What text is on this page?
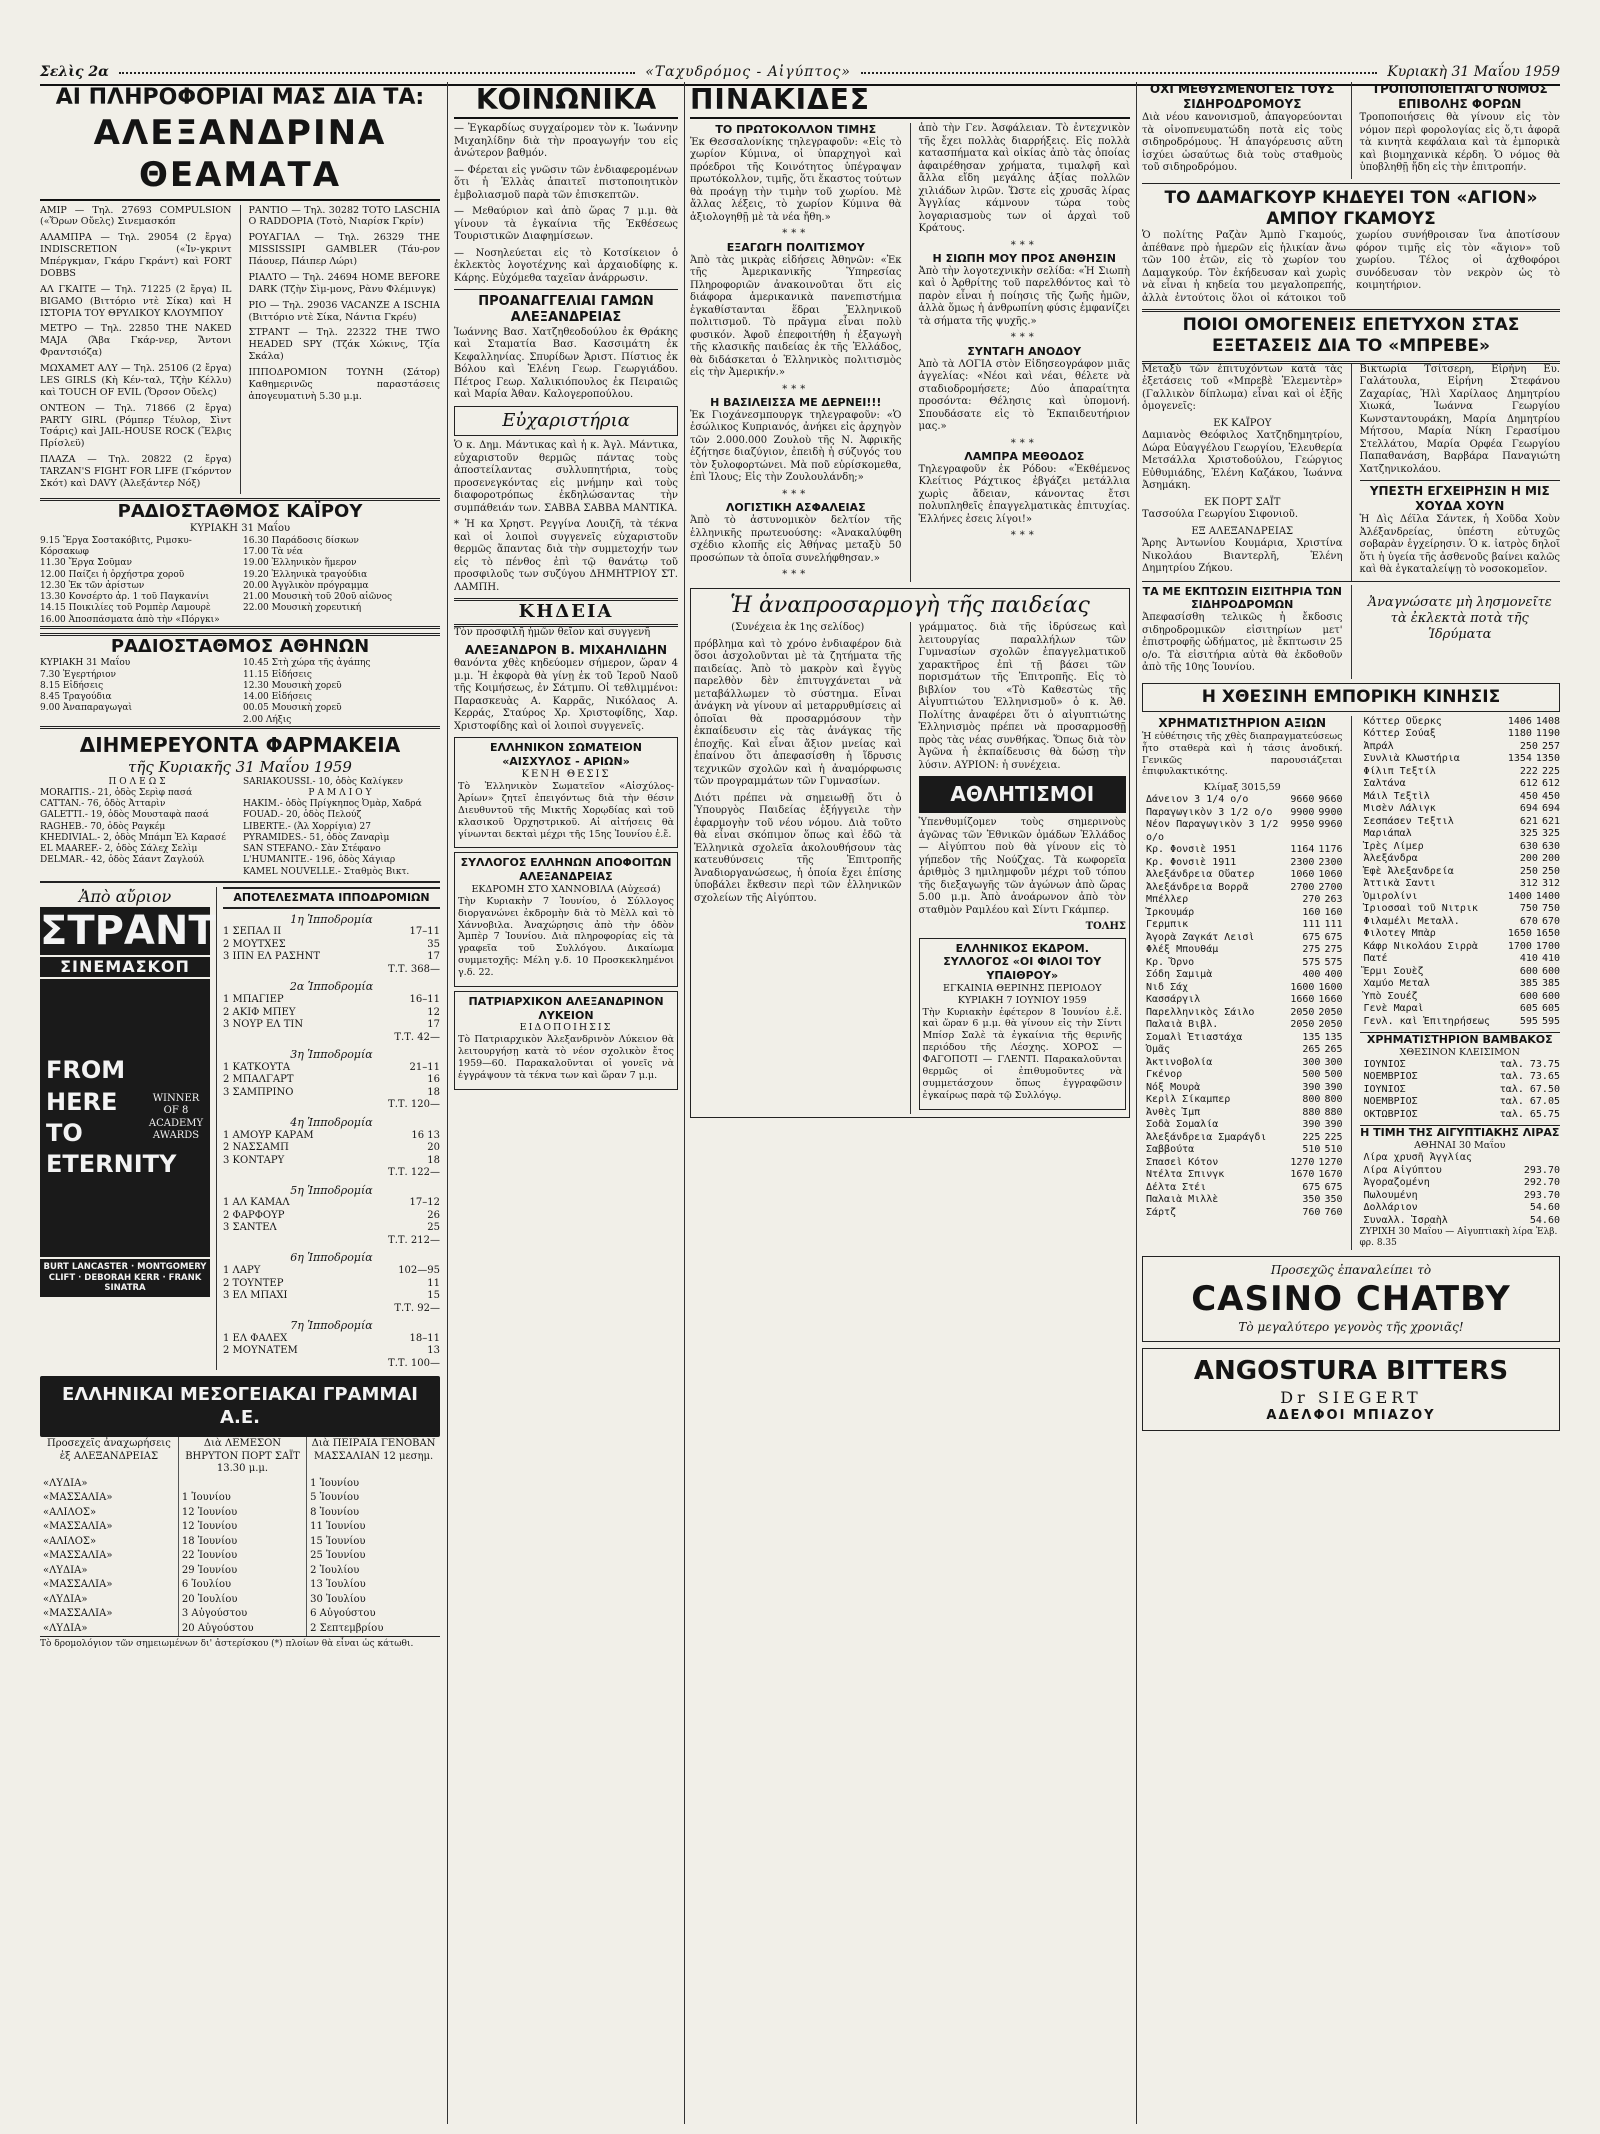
Σελὶς 2α	«Ταχυδρόμος - Αἰγύπτος»	Κυριακὴ 31 Μαΐου 1959
ΑΙ ΠΛΗΡΟΦΟΡΙΑΙ ΜΑΣ ΔΙΑ ΤΑ:
ΑΛΕΞΑΝΔΡΙΝΑ ΘΕΑΜΑΤΑ

ΑΜΙΡ — Τηλ. 27693 COMPULSION («Ὅρων Οὔελς) Σινεμασκόπ

ΑΛΑΜΠΡΑ — Τηλ. 29054 (2 ἔργα) INDISCRETION («Ἰν-γκριντ Μπέργκμαν, Γκάρυ Γκράντ) καὶ FORT DOBBS

ΑΛ ΓΚΑΙΤΕ — Τηλ. 71225 (2 ἔργα) IL BIGAMO (Βιττόριο ντὲ Σίκα) καὶ Η ΙΣΤΟΡΙΑ ΤΟΥ ΘΡΥΛΙΚΟΥ ΚΛΟΥΜΠΟΥ

ΜΕΤΡΟ — Τηλ. 22850 THE NAKED MAJA (Ἄβα Γκάρ-νερ, Ἄντονι Φραντσιόζα)

ΜΩΧΑΜΕΤ ΑΛΥ — Τηλ. 25106 (2 ἔργα) LES GIRLS (Κὴ Κέν-ταλ, Τζὴν Κέλλυ) καὶ TOUCH OF EVIL (Ὄρσον Οὔελς)

ΟΝΤΕΟΝ — Τηλ. 71866 (2 ἔργα) PARTY GIRL (Ρόμπερ Τέυλορ, Σὶντ Τσάρις) καὶ JAIL-HOUSE ROCK (Ἔλβις Πρίσλεϋ)

ΠΛΑΖΑ — Τηλ. 20822 (2 ἔργα) TARZAN'S FIGHT FOR LIFE (Γκόρντον Σκότ) καὶ DAVY (Ἀλεξάντερ Νόξ)

ΡΑΝΤΙΟ — Τηλ. 30282 TOTO LASCHIA O RADDOPIA (Τοτὸ, Νιαρίσκ Γκρίν)

ΡΟΥΑΓΙΑΛ — Τηλ. 26329 THE MISSISSIPI GAMBLER (Τάυ-ρον Πάουερ, Πάιπερ Λώρι)

ΡΙΑΛΤΟ — Τηλ. 24694 HOME BEFORE DARK (Τζὴν Σὶμ-μονς, Ρὰνυ Φλέμινγκ)

ΡΙΟ — Τηλ. 29036 VACANZE A ISCHIA (Βιττόριο ντὲ Σίκα, Νάντια Γκρέυ)

ΣΤΡΑΝΤ — Τηλ. 22322 THE TWO HEADED SPY (Τζάκ Χώκινς, Τζία Σκάλα)

ΙΠΠΟΔΡΟΜΙΟΝ ΤΟΥΝΗ (Σάτορ) Καθημερινῶς παραστάσεις ἀπογευματινὴ 5.30 μ.μ.

ΡΑΔΙΟΣΤΑΘΜΟΣ ΚΑΪΡΟΥ
ΚΥΡΙΑΚΗ 31 Μαΐου
9.15 Ἔργα Σοστακόβιτς, Ριμσκυ-Κόρσακωφ
11.30 Ἔργα Σοῦμαν
12.00 Παίζει ἡ ὀρχήστρα χοροῦ
12.30 Ἐκ τῶν ἀρίστων
13.30 Κονσέρτο ἀρ. 1 τοῦ Παγκανίνι
14.15 Ποικιλίες τοῦ Ρομπὲρ Λαμουρὲ
16.00 Ἀποσπάσματα ἀπὸ τὴν «Πόργκι»
16.30 Παράδοσις δίσκων
17.00 Τὰ νέα
19.00 Ἑλληνικὸν ἥμερον
19.20 Ἑλληνικὰ τραγούδια
20.00 Ἀγγλικὸν πρόγραμμα
21.00 Μουσικὴ τοῦ 20οῦ αἰῶνος
22.00 Μουσικὴ χορευτική
ΡΑΔΙΟΣΤΑΘΜΟΣ ΑΘΗΝΩΝ
ΚΥΡΙΑΚΗ 31 Μαΐου
7.30 Ἐγερτήριον
8.15 Εἰδήσεις
8.45 Τραγούδια
9.00 Ἀναπαραγωγαὶ
10.45 Στὴ χώρα τῆς ἀγάπης
11.15 Εἰδήσεις
12.30 Μουσικὴ χορεῦ
14.00 Εἰδήσεις
00.05 Μουσικὴ χορεῦ
2.00 Λήξις
ΔΙΗΜΕΡΕΥΟΝΤΑ ΦΑΡΜΑΚΕΙΑ
τῆς Κυριακῆς 31 Μαΐου 1959
ΠΟΛΕΩΣ
MORAITIS.- 21, ὁδὸς Σερὶφ πασά
CATTAN.- 76, ὁδὸς Ἀτταρὶν
GALETTI.- 19, ὁδὸς Μουσταφὰ πασά
RAGHEB.- 70, ὁδὸς Ραγκέμ
KHEDIVIAL.- 2, ὁδὸς Μπάμπ Ἐλ Καρασέ
EL MAAREF.- 2, ὁδὸς Σάλεχ Σελὶμ
DELMAR.- 42, ὁδὸς Σάαντ Ζαγλούλ
SARIAKOUSSI.- 10, ὁδὸς Καλίγκεν
ΡΑΜΛΙΟΥ
HAKIM.- ὁδὸς Πρίγκηπος Ὀμὰρ, Χαδρά
FOUAD.- 20, ὁδὸς Πελούζ
LIBERTE.- (Ἀλ Χορρίγια) 27
PYRAMIDES.- 51, ὁδὸς Ζαναρὶμ
SAN STEFANO.- Σὰν Στέφανο
L'HUMANITE.- 196, ὁδὸς Χάγιαρ
KAMEL NOUVELLE.- Σταθμὸς Βικτ.
Ἀπὸ αὔριον
ΣΤΡΑΝΤ
ΣΙΝΕΜΑΣΚΟΠ
FROM HERE TO ETERNITY
WINNER OF 8 ACADEMY AWARDS
BURT LANCASTER · MONTGOMERY CLIFT · DEBORAH KERR · FRANK SINATRA
ΑΠΟΤΕΛΕΣΜΑΤΑ ΙΠΠΟΔΡΟΜΙΩΝ
1η Ἱπποδρομία
1 ΣΕΠΑΛ ΙΙ	17–11
2 ΜΟΥΤΧΕΣ	35
3 ΙΠΝ ΕΛ ΡΑΣΗΝΤ	17
Τ.Τ. 368—
2α Ἱπποδρομία
1 ΜΠΑΓΙΕΡ	16–11
2 ΑΚΙΦ ΜΠΕΥ	12
3 ΝΟΥΡ ΕΛ ΤΙΝ	17
Τ.Τ. 42—
3η Ἱπποδρομία
1 ΚΑΤΚΟΥΤΑ	21–11
2 ΜΠΑΛΓΑΡΤ	16
3 ΣΑΜΠΡΙΝΟ	18
Τ.Τ. 120—
4η Ἱπποδρομία
1 ΑΜΟΥΡ ΚΑΡΑΜ	16 13
2 ΝΑΣΣΑΜΠ	20
3 ΚΟΝΤΑΡΥ	18
Τ.Τ. 122—
5η Ἱπποδρομία
1 ΑΛ ΚΑΜΑΛ	17–12
2 ΦΑΡΦΟΥΡ	26
3 ΣΑΝΤΕΛ	25
Τ.Τ. 212—
6η Ἱπποδρομία
1 ΛΑΡΥ	102—95
2 ΤΟΥΝΤΕΡ	11
3 ΕΛ ΜΠΑΧΙ	15
Τ.Τ. 92—
7η Ἱπποδρομία
1 ΕΛ ΦΑΛΕΧ	18–11
2 ΜΟΥΝΑΤΕΜ	13
Τ.Τ. 100—
ΕΛΛΗΝΙΚΑΙ ΜΕΣΟΓΕΙΑΚΑΙ ΓΡΑΜΜΑΙ Α.Ε.
Προσεχεῖς ἀναχωρήσεις ἐξ ΑΛΕΞΑΝΔΡΕΙΑΣ	Διὰ ΛΕΜΕΣΟΝ ΒΗΡΥΤΟΝ ΠΟΡΤ ΣΑΪΤ 13.30 μ.μ.	Διὰ ΠΕΙΡΑΙΑ ΓΕΝΟΒΑΝ ΜΑΣΣΑΛΙΑΝ 12 μεσημ.
«ΛΥΔΙΑ»		1 Ἰουνίου
«ΜΑΣΣΑΛΙΑ»	1 Ἰουνίου	5 Ἰουνίου
«ΑΛΙΛΟΣ»	12 Ἰουνίου	8 Ἰουνίου
«ΜΑΣΣΑΛΙΑ»	12 Ἰουνίου	11 Ἰουνίου
«ΑΛΙΛΟΣ»	18 Ἰουνίου	15 Ἰουνίου
«ΜΑΣΣΑΛΙΑ»	22 Ἰουνίου	25 Ἰουνίου
«ΛΥΔΙΑ»	29 Ἰουνίου	2 Ἰουλίου
«ΜΑΣΣΑΛΙΑ»	6 Ἰουλίου	13 Ἰουλίου
«ΛΥΔΙΑ»	20 Ἰουλίου	30 Ἰουλίου
«ΜΑΣΣΑΛΙΑ»	3 Αὐγούστου	6 Αὐγούστου
«ΛΥΔΙΑ»	20 Αὐγούστου	2 Σεπτεμβρίου
Τὸ δρομολόγιον τῶν σημειωμένων δι' ἀστερίσκου (*) πλοίων θὰ εἶναι ὡς κάτωθι.
ΚΟΙΝΩΝΙΚΑ

— Ἐγκαρδίως συγχαίρομεν τὸν κ. Ἰωάννην Μιχαηλίδην διὰ τὴν προαγωγήν του εἰς ἀνώτερον βαθμόν.

— Φέρεται εἰς γνῶσιν τῶν ἐνδιαφερομένων ὅτι ἡ Ἑλλὰς ἀπαιτεῖ πιστοποιητικὸν ἐμβολιασμοῦ παρὰ τῶν ἐπισκεπτῶν.

— Μεθαύριον καὶ ἀπὸ ὥρας 7 μ.μ. θὰ γίνουν τὰ ἐγκαίνια τῆς Ἐκθέσεως Τουριστικῶν Διαφημίσεων.

— Νοσηλεύεται εἰς τὸ Κοτσίκειον ὁ ἐκλεκτὸς λογοτέχνης καὶ ἀρχαιοδίφης κ. Κάρης. Εὐχόμεθα ταχεῖαν ἀνάρρωσιν.

ΠΡΟΑΝΑΓΓΕΛΙΑΙ ΓΑΜΩΝ ΑΛΕΞΑΝΔΡΕΙΑΣ

Ἰωάννης Βασ. Χατζηθεοδούλου ἐκ Θράκης καὶ Σταματία Βασ. Κασσιμάτη ἐκ Κεφαλληνίας. Σπυρίδων Ἀριστ. Πίστιος ἐκ Βόλου καὶ Ἑλένη Γεωρ. Γεωργιάδου. Πέτρος Γεωρ. Χαλικιόπουλος ἐκ Πειραιῶς καὶ Μαρία Ἀθαν. Καλογεροπούλου.

Εὐχαριστήρια

Ὁ κ. Δημ. Μάντικας καὶ ἡ κ. Ἀγλ. Μάντικα, εὐχαριστοῦν θερμῶς πάντας τοὺς ἀποστείλαντας συλλυπητήρια, τοὺς προσενεγκόντας εἰς μνήμην καὶ τοὺς διαφοροτρόπως ἐκδηλώσαντας τὴν συμπάθειάν των. ΣΑΒΒΑ ΣΑΒΒΑ ΜΑΝΤΙΚΑ.

* Ἡ κα Χρηστ. Ρεγγίνα Λουιζῆ, τὰ τέκνα καὶ οἱ λοιποὶ συγγενεῖς εὐχαριστοῦν θερμῶς ἅπαντας διὰ τὴν συμμετοχήν των εἰς τὸ πένθος ἐπὶ τῷ θανάτῳ τοῦ προσφιλοῦς των συζύγου ΔΗΜΗΤΡΙΟΥ ΣΤ. ΛΑΜΠΗ.

ΚΗΔΕΙΑ

Τὸν προσφιλῆ ἡμῶν θεῖον καὶ συγγενῆ

ΑΛΕΞΑΝΔΡΟΝ Β. ΜΙΧΑΗΛΙΔΗΝ

θανόντα χθὲς κηδεύομεν σήμερον, ὥραν 4 μ.μ. Ἡ ἐκφορὰ θὰ γίνῃ ἐκ τοῦ Ἱεροῦ Ναοῦ τῆς Κοιμήσεως, ἐν Σάτμπυ. Οἱ τεθλιμμένοι: Παρασκευὰς Α. Καρρᾶς, Νικόλαος Α. Κερράς, Σταύρος Χρ. Χριστοφίδης, Χαρ. Χριστοφίδης καὶ οἱ λοιποὶ συγγενεῖς.

ΕΛΛΗΝΙΚΟΝ ΣΩΜΑΤΕΙΟΝ «ΑΙΣΧΥΛΟΣ - ΑΡΙΩΝ»
ΚΕΝΗ ΘΕΣΙΣ

Τὸ Ἑλληνικὸν Σωματεῖον «Αἰσχύλος-Ἀρίων» ζητεῖ ἐπειγόντως διὰ τὴν θέσιν Διευθυντοῦ τῆς Μικτῆς Χορῳδίας καὶ τοῦ κλασικοῦ Ὀρχηστρικοῦ. Αἱ αἰτήσεις θὰ γίνωνται δεκταὶ μέχρι τῆς 15ης Ἰουνίου ἐ.ἔ.

ΣΥΛΛΟΓΟΣ ΕΛΛΗΝΩΝ ΑΠΟΦΟΙΤΩΝ ΑΛΕΞΑΝΔΡΕΙΑΣ
ΕΚΔΡΟΜΗ ΣΤΟ ΧΑΝΝΟΒΙΛΑ (Αὐχεσά)

Τὴν Κυριακὴν 7 Ἰουνίου, ὁ Σύλλογος διοργανώνει ἐκδρομὴν διὰ τὸ Μὲλλ καὶ τὸ Χάννοβιλα. Ἀναχώρησις ἀπὸ τὴν ὁδὸν Ἀμπὲρ 7 Ἰουνίου. Διὰ πληροφορίας εἰς τὰ γραφεῖα τοῦ Συλλόγου. Δικαίωμα συμμετοχῆς: Μέλη γ.δ. 10 Προσκεκλημένοι γ.δ. 22.

ΠΑΤΡΙΑΡΧΙΚΟΝ ΑΛΕΞΑΝΔΡΙΝΟΝ ΛΥΚΕΙΟΝ
ΕΙΔΟΠΟΙΗΣΙΣ

Τὸ Πατριαρχικὸν Ἀλεξανδρινὸν Λύκειον θὰ λειτουργήσῃ κατὰ τὸ νέον σχολικὸν ἔτος 1959—60. Παρακαλοῦνται οἱ γονεῖς νὰ ἐγγράψουν τὰ τέκνα των καὶ ὥραν 7 μ.μ.

ΠΙΝΑΚΙΔΕΣ
ΤΟ ΠΡΩΤΟΚΟΛΛΟΝ ΤΙΜΗΣ

Ἐκ Θεσσαλονίκης τηλεγραφοῦν: «Εἰς τὸ χωρίον Κύμινα, οἱ ὑπαρχηγοὶ καὶ πρόεδροι τῆς Κοινότητος ὑπέγραψαν πρωτόκολλον, τιμῆς, ὅτι ἕκαστος τούτων θὰ προάγῃ τὴν τιμὴν τοῦ χωρίου. Μὲ ἄλλας λέξεις, τὸ χωρίον Κύμινα θὰ ἀξιολογηθῇ μὲ τὰ νέα ἤθη.»

***
ΕΞΑΓΩΓΗ ΠΟΛΙΤΙΣΜΟΥ

Ἀπὸ τὰς μικρὰς εἰδήσεις Ἀθηνῶν: «Ἐκ τῆς Ἀμερικανικῆς Ὑπηρεσίας Πληροφοριῶν ἀνακοινοῦται ὅτι εἰς διάφορα ἀμερικανικὰ πανεπιστήμια ἐγκαθίστανται ἕδραι Ἑλληνικοῦ πολιτισμοῦ. Τὸ πρᾶγμα εἶναι πολὺ φυσικόν. Ἀφοῦ ἐπεφοιτήθη ἡ ἐξαγωγὴ τῆς κλασικῆς παιδείας ἐκ τῆς Ἑλλάδος, θὰ διδάσκεται ὁ Ἑλληνικὸς πολιτισμὸς εἰς τὴν Ἀμερικήν.»

***
Η ΒΑΣΙΛΕΙΣΣΑ ΜΕ ΔΕΡΝΕΙ!!!

Ἐκ Γιοχάνεσμπουργκ τηλεγραφοῦν: «Ὁ ἐσώλικος Κυπριανός, ἀνήκει εἰς ἀρχηγὸν τῶν 2.000.000 Ζουλοὺ τῆς Ν. Ἀφρικῆς ἐζήτησε διαζύγιον, ἐπειδὴ ἡ σύζυγός του τὸν ξυλοφορτώνει. Μὰ ποῦ εὑρίσκομεθα, ἐπὶ Ἰλους; Εἰς τὴν Ζουλουλάνδη;»

***
ΛΟΓΙΣΤΙΚΗ ΑΣΦΑΛΕΙΑΣ

Ἀπὸ τὸ ἀστυνομικὸν δελτίον τῆς ἑλληνικῆς πρωτευούσης: «Ἀνακαλύφθη σχέδιο κλοπῆς εἰς Ἀθήνας μεταξὺ 50 προσώπων τὰ ὁποῖα συνελήφθησαν.»

***

ἀπὸ τὴν Γεν. Ἀσφάλειαν. Τὸ ἐντεχνικὸν τῆς ἔχει πολλὰς διαρρήξεις. Εἰς πολλὰ κατασπήματα καὶ οἰκίας ἀπὸ τὰς ὁποίας ἀφαιρέθησαν χρήματα, τιμαλφῆ καὶ ἄλλα εἴδη μεγάλης ἀξίας πολλῶν χιλιάδων λιρῶν. Ὥστε εἰς χρυσᾶς λίρας Ἀγγλίας κάμνουν τώρα τοὺς λογαριασμοὺς των οἱ ἀρχαὶ τοῦ Κράτους.

***
Η ΣΙΩΠΗ ΜΟΥ ΠΡΟΣ ΑΝΘΗΣΙΝ

Ἀπὸ τὴν λογοτεχνικὴν σελίδα: «Ἡ Σιωπὴ καὶ ὁ Ἀρθρίτης τοῦ παρελθόντος καὶ τὸ παρὸν εἶναι ἡ ποίησις τῆς ζωῆς ἡμῶν, ἀλλὰ ὅμως ἡ ἀνθρωπίνη φύσις ἐμφανίζει τὰ σήματα τῆς ψυχῆς.»

***
ΣΥΝΤΑΓΗ ΑΝΟΔΟΥ

Ἀπὸ τὰ ΛΟΓΙΑ στὸν Εἰδησεογράφον μιᾶς ἀγγελίας: «Νέοι καὶ νέαι, θέλετε νὰ σταδιοδρομήσετε; Δύο ἀπαραίτητα προσόντα: Θέλησις καὶ ὑπομονή. Σπουδάσατε εἰς τὸ Ἐκπαιδευτήριον μας.»

***
ΛΑΜΠΡΑ ΜΕΘΟΔΟΣ

Τηλεγραφοῦν ἐκ Ρόδου: «Ἐκθέμενος Κλείτιος Ράχτικος ἐβγάζει μετάλλια χωρὶς ἄδειαν, κάνοντας ἔτσι πολυπληθεῖς ἐπαγγελματικὰς ἐπιτυχίας. Ἑλλήνες ἐσεις λίγοι!»

***
Ἡ ἀναπροσαρμογὴ τῆς παιδείας

(Συνέχεια ἐκ 1ης σελίδος)

πρόβλημα καὶ τὸ χρόνο ἐνδιαφέρον διὰ ὅσοι ἀσχολοῦνται μὲ τὰ ζητήματα τῆς παιδείας. Ἀπὸ τὸ μακρὸν καὶ ἔγγὺς παρελθὸν δὲν ἐπιτυγχάνεται νὰ μεταβάλλωμεν τὸ σύστημα. Εἶναι ἀνάγκη νὰ γίνουν αἱ μεταρρυθμίσεις αἱ ὁποῖαι θὰ προσαρμόσουν τὴν ἐκπαίδευσιν εἰς τὰς ἀνάγκας τῆς ἐποχῆς. Καὶ εἶναι ἄξιον μνείας καὶ ἐπαίνου ὅτι ἀπεφασίσθη ἡ ἵδρυσις τεχνικῶν σχολῶν καὶ ἡ ἀναμόρφωσις τῶν προγραμμάτων τῶν Γυμνασίων.

Διότι πρέπει νὰ σημειωθῇ ὅτι ὁ Ὑπουργὸς Παιδείας ἐξήγγειλε τὴν ἐφαρμογὴν τοῦ νέου νόμου. Διὰ τοῦτο θὰ εἶναι σκόπιμον ὅπως καὶ ἐδῶ τὰ Ἑλληνικὰ σχολεῖα ἀκολουθήσουν τὰς κατευθύνσεις τῆς Ἐπιτροπῆς Ἀναδιοργανώσεως, ἡ ὁποία ἔχει ἐπίσης ὑποβάλει ἔκθεσιν περὶ τῶν ἑλληνικῶν σχολείων τῆς Αἰγύπτου.

γράμματος. διὰ τῆς ἱδρύσεως καὶ λειτουργίας παραλλήλων τῶν Γυμνασίων σχολῶν ἐπαγγελματικοῦ χαρακτῆρος ἐπὶ τῇ βάσει τῶν πορισμάτων τῆς Ἐπιτροπῆς. Εἰς τὸ βιβλίον του «Τὸ Καθεστὼς τῆς Αἰγυπτιώτου Ἑλληνισμοῦ» ὁ κ. Ἀθ. Πολίτης ἀναφέρει ὅτι ὁ αἰγυπτιώτης Ἑλληνισμὸς πρέπει νὰ προσαρμοσθῇ πρὸς τὰς νέας συνθήκας. Ὅπως διὰ τὸν Ἀγῶνα ἡ ἐκπαίδευσις θὰ δώσῃ τὴν λύσιν. ΑΥΡΙΟΝ: ἡ συνέχεια.

ΑΘΛΗΤΙΣΜΟΙ

Ὑπενθυμίζομεν τοὺς σημερινοὺς ἀγῶνας τῶν Ἐθνικῶν ὁμάδων Ἑλλάδος — Αἰγύπτου ποὺ θὰ γίνουν εἰς τὸ γήπεδον τῆς Νούζχας. Τὰ κωφορεῖα ἀριθμὸς 3 ημιλημφοῦν μέχρι τοῦ τόπου τῆς διεξαγωγῆς τῶν ἀγώνων ἀπὸ ὥρας 5.00 μ.μ. Ἀπὸ ἀνοάρωνον ἀπὸ τὸν σταθμὸν Ραμλέου καὶ Σίντι Γκάμπερ.

ΤΟΛΗΣ

ΕΛΛΗΝΙΚΟΣ ΕΚΔΡΟΜ. ΣΥΛΛΟΓΟΣ «ΟΙ ΦΙΛΟΙ ΤΟΥ ΥΠΑΙΘΡΟΥ»
ΕΓΚΑΙΝΙΑ ΘΕΡΙΝΗΣ ΠΕΡΙΟΔΟΥ ΚΥΡΙΑΚΗ 7 ΙΟΥΝΙΟΥ 1959

Τὴν Κυριακὴν ἐφέτερον 8 Ἰουνίου ἐ.ἔ. καὶ ὥραν 6 μ.μ. θὰ γίνουν εἰς τὴν Σίντι Μπίσρ Σαλὲ τὰ ἐγκαίνια τῆς θερινῆς περιόδου τῆς Λέσχης. ΧΟΡΟΣ — ΦΑΓΟΠΟΤΙ — ΓΛΕΝΤΙ. Παρακαλοῦνται θερμῶς οἱ ἐπιθυμοῦντες νὰ συμμετάσχουν ὅπως ἐγγραφῶσιν ἐγκαίρως παρὰ τῷ Συλλόγῳ.

ΟΧΙ ΜΕΘΥΣΜΕΝΟΙ ΕΙΣ ΤΟΥΣ ΣΙΔΗΡΟΔΡΟΜΟΥΣ

Διὰ νέου κανονισμοῦ, ἀπαγορεύονται τὰ οἰνοπνευματώδη ποτὰ εἰς τοὺς σιδηροδρόμους. Ἡ ἀπαγόρευσις αὕτη ἰσχύει ὡσαύτως διὰ τοὺς σταθμοὺς τοῦ σιδηροδρόμου.

ΤΡΟΠΟΠΟΙΕΙΤΑΙ Ο ΝΟΜΟΣ ΕΠΙΒΟΛΗΣ ΦΟΡΩΝ

Τροποποιήσεις θὰ γίνουν εἰς τὸν νόμον περὶ φορολογίας εἰς ὅ,τι ἀφορᾶ τὰ κινητὰ κεφάλαια καὶ τὰ ἐμπορικὰ καὶ βιομηχανικὰ κέρδη. Ὁ νόμος θὰ ὑποβληθῇ ἤδη εἰς τὴν ἐπιτροπήν.

ΤΟ ΔΑΜΑΓΚΟΥΡ ΚΗΔΕΥΕΙ ΤΟΝ «ΑΓΙΟΝ» ΑΜΠΟΥ ΓΚΑΜΟΥΣ

Ὁ πολίτης Ραζὰν Ἀμπὸ Γκαμούς, ἀπέθανε πρὸ ἡμερῶν εἰς ἡλικίαν ἄνω τῶν 100 ἐτῶν, εἰς τὸ χωρίον του Δαμαγκούρ. Τὸν ἐκήδευσαν καὶ χωρὶς νὰ εἶναι ἡ κηδεία του μεγαλοπρεπής, ἀλλὰ ἐντούτοις ὅλοι οἱ κάτοικοι τοῦ χωρίου συνήθροισαν ἵνα ἀποτίσουν φόρον τιμῆς εἰς τὸν «ἅγιον» τοῦ χωρίου. Τέλος οἱ ἀχθοφόροι συνόδευσαν τὸν νεκρὸν ὡς τὸ κοιμητήριον.

ΠΟΙΟΙ ΟΜΟΓΕΝΕΙΣ ΕΠΕΤΥΧΟΝ ΣΤΑΣ ΕΞΕΤΑΣΕΙΣ ΔΙΑ ΤΟ «ΜΠΡΕΒΕ»

Μεταξὺ τῶν ἐπιτυχόντων κατὰ τὰς ἐξετάσεις τοῦ «Μπρεβὲ Ἐλεμεντὲρ» (Γαλλικὸν δίπλωμα) εἶναι καὶ οἱ ἑξῆς ὁμογενεῖς:

ΕΚ ΚΑΪΡΟΥ

Δαμιανὸς Θεόφιλος Χατζηδημητρίου, Δώρα Εὐαγγέλου Γεωργίου, Ἐλευθερία Μετσάλλα Χριστοδούλου, Γεώργιος Εὐθυμιάδης, Ἑλένη Καζάκου, Ἰωάννα Ἀσημάκη.

ΕΚ ΠΟΡΤ ΣΑΪΤ

Τασσούλα Γεωργίου Σιφονιοῦ.

ΕΞ ΑΛΕΞΑΝΔΡΕΙΑΣ

Ἄρης Ἀντωνίου Κουμάρια, Χριστίνα Νικολάου Βιαντερλῆ, Ἑλένη Δημητρίου Ζήκου.

Βικτωρία Τσίτσερη, Εἰρήνη Ευ. Γαλάτουλα, Εἰρήνη Στεφάνου Ζαχαρίας, Ἠλὶ Χαρίλαος Δημητρίου Χιωκά, Ἰωάννα Γεωργίου Κωνσταντουράκη, Μαρία Δημητρίου Μήτσου, Μαρία Νίκη Γερασίμου Στελλάτου, Μαρία Ορφέα Γεωργίου Παπαθανάση, Βαρβάρα Παναγιώτη Χατζηνικολάου.

ΥΠΕΣΤΗ ΕΓΧΕΙΡΗΣΙΝ Η ΜΙΣ ΧΟΥΔΑ ΧΟΥΝ

Ἡ Δὶς Δέϊλα Σάντεκ, ἡ Χοῦδα Χοὺν Ἀλέξανδρείας, ὑπέστη εὐτυχῶς σοβαρὰν ἐγχείρησιν. Ὁ κ. ἰατρὸς δηλοῖ ὅτι ἡ ὑγεία τῆς ἀσθενοῦς βαίνει καλῶς καὶ θὰ ἐγκαταλείψῃ τὸ νοσοκομεῖον.

ΤΑ ΜΕ ΕΚΠΤΩΣΙΝ ΕΙΣΙΤΗΡΙΑ ΤΩΝ ΣΙΔΗΡΟΔΡΟΜΩΝ

Ἀπεφασίσθη τελικῶς ἡ ἔκδοσις σιδηροδρομικῶν εἰσιτηρίων μετ' ἐπιστροφῆς ὠδήματος, μὲ ἔκπτωσιν 25 ο/ο. Τὰ εἰσιτήρια αὐτὰ θὰ ἐκδοθοῦν ἀπὸ τῆς 10ης Ἰουνίου.

Ἀναγνώσατε μὴ λησμονεῖτε τὰ ἐκλεκτὰ ποτὰ τῆς Ἰδρύματα
Η ΧΘΕΣΙΝΗ ΕΜΠΟΡΙΚΗ ΚΙΝΗΣΙΣ
ΧΡΗΜΑΤΙΣΤΗΡΙΟΝ ΑΞΙΩΝ

Ἡ εὐθέτησις τῆς χθὲς διαπραγματεύσεως ἦτο σταθερὰ καὶ ἡ τάσις ἀνοδική. Γενικῶς παρουσιάζεται ἐπιφυλακτικότης.

Κλίμαξ 3015,59
Δάνειον 3 1/4 ο/ο	9660 9660
Παραγωγικὸν 3 1/2 ο/ο	9900 9900
Νέον Παραγωγικὸν 3 1/2 ο/ο
9950 9960
Κρ. Φονσιὲ 1951	1164 1176
Κρ. Φονσιὲ 1911	2300 2300
Ἀλεξάνδρεια Οὔατερ	1060 1060
Ἀλεξάνδρεια Βορρᾶ	2700 2700
Μπέλλερ	270 263
Ἰρκουμάρ	160 160
Γερμπικ	111 111
Ἀγορὰ Ζαγκάτ Λεισὶ	675 675
Φλέξ Μπουθάμ	275 275
Κρ. Ὄρνο	575 575
Σόδη Σαμιμὰ	400 400
Νιδ Σάχ	1600 1600
Κασσάργιλ	1660 1660
Παρελληνικὸς Σάιλο	2050 2050
Παλαιὰ Βιβλ.	2050 2050
Σομαλὶ Ἐτιαστάχα	135 135
Ὀμᾶς	265 265
Ἀκτινοβολία	300 300
Γκένορ	500 500
Νόξ Μουρὰ	390 390
Κερὶλ Σίκαμπερ	800 800
Ἀνθὲς Ἱμπ	880 880
Σοδὰ Σομαλία	390 390
Ἀλεξάνδρεια Σμαράγδι	225 225
Σαββούτα	510 510
Σπασεὶ Κότον	1270 1270
Ντέλτα Σπινγκ	1670 1670
Δέλτα Στέι	675 675
Παλαιὰ Μιλλὲ	350 350
Σάρτζ	760 760
Κόττερ Οὔερκς	1406 1408
Κόττερ Σούαξ	1180 1190
Ἀπράλ	250 257
Συνλιὰ Κλωστήρια	1354 1350
Φίλιπ Τεξτίλ	222 225
Σαλτάνα	612 612
Μάιλ Τεξτὶλ	450 450
Μισὲν Λάλιγκ	694 694
Σεσπάσεν Τεξτιλ	621 621
Μαριάπαλ	325 325
Ἰρὲς Λίμερ	630 630
Ἀλεξάνδρα	200 200
Ἐφὲ Ἀλεξανδρεία	250 250
Ἀττικὰ Σαντι	312 312
Ὁμιρολίνι	1400 1400
Ἰριοσσαὶ τοῦ Νιτρικ	750 750
Φιλαμέλι Μεταλλ.	670 670
Φιλοτεγ Μπὰρ	1650 1650
Κάφρ Νικολάου Σιρρὰ	1700 1700
Πατέ	410 410
Ἔρμι Σουὲζ	600 600
Χαμύο Μεταλ	385 385
Ὑπὸ Σουέζ	600 600
Γενὲ Μαραὶ	605 605
Γενλ. καὶ Ἐπιτηρήσεως	595 595
ΧΡΗΜΑΤΙΣΤΗΡΙΟΝ ΒΑΜΒΑΚΟΣ
ΧΘΕΣΙΝΟΝ ΚΛΕΙΣΙΜΟΝ
ΙΟΥΝΙΟΣ	ταλ. 73.75
ΝΟΕΜΒΡΙΟΣ	ταλ. 73.65
ΙΟΥΝΙΟΣ	ταλ. 67.50
ΝΟΕΜΒΡΙΟΣ	ταλ. 67.05
ΟΚΤΩΒΡΙΟΣ	ταλ. 65.75
Η ΤΙΜΗ ΤΗΣ ΑΙΓΥΠΤΙΑΚΗΣ ΛΙΡΑΣ
ΑΘΗΝΑΙ 30 Μαΐου
Λίρα χρυσῆ Ἀγγλίας
Λίρα Αἰγύπτου	293.70
Ἀγοραζομένη	292.70
Πωλουμένη	293.70
Δολλάριον	54.60
Συναλλ. Ἰσραὴλ	54.60
ΖΥΡΙΧΗ 30 Μαΐου — Αἰγυπτιακὴ λίρα Ἐλβ. φρ. 8.35
Προσεχῶς ἐπαναλείπει τὸ
CASINO CHATBY
Τὸ μεγαλύτερο γεγονὸς τῆς χρονιᾶς!
ANGOSTURA BITTERS
Dr SIEGERT
ΑΔΕΛΦΟΙ ΜΠΙΑΖΟΥ
